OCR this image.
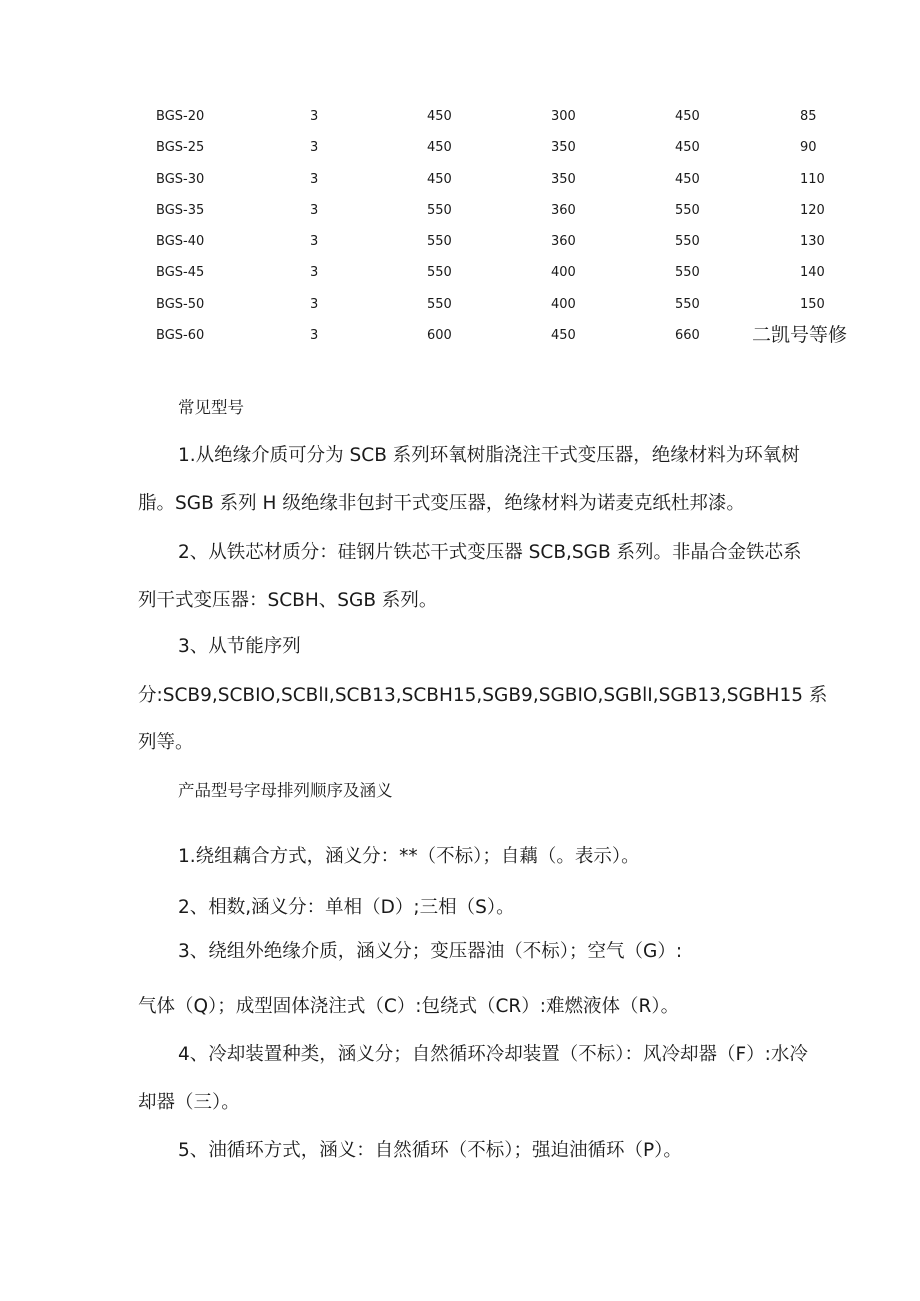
BGS-20	3	450	300	450	85
BGS-25	3	450	350	450	90
BGS-30	3	450	350	450	110
BGS-35	3	550	360	550	120
BGS-40	3	550	360	550	130
BGS-45	3	550	400	550	140
BGS-50	3	550	400	550	150
BGS-60	3	600	450	660	二凯号等修
常见型号
1.从绝缘介质可分为 SCB 系列环氧树脂浇注干式变压器，绝缘材料为环氧树
脂。SGB 系列 H 级绝缘非包封干式变压器，绝缘材料为诺麦克纸杜邦漆。
2、从铁芯材质分：硅钢片铁芯干式变压器 SCB,SGB 系列。非晶合金铁芯系
列干式变压器：SCBH、SGB 系列。
3、从节能序列
分:SCB9,SCBIO,SCBlI,SCB13,SCBH15,SGB9,SGBIO,SGBlI,SGB13,SGBH15 系
列等。
产品型号字母排列顺序及涵义
1.绕组藕合方式，涵义分：**（不标）；自藕（。表示）。
2、相数,涵义分：单相（D）;三相（S）。
3、绕组外绝缘介质，涵义分；变压器油（不标）；空气（G）:
气体（Q）；成型固体浇注式（C）:包绕式（CR）:难燃液体（R）。
4、冷却装置种类，涵义分；自然循环冷却装置（不标）：风冷却器（F）:水冷
却器（三）。
5、油循环方式，涵义：自然循环（不标）；强迫油循环（P）。
